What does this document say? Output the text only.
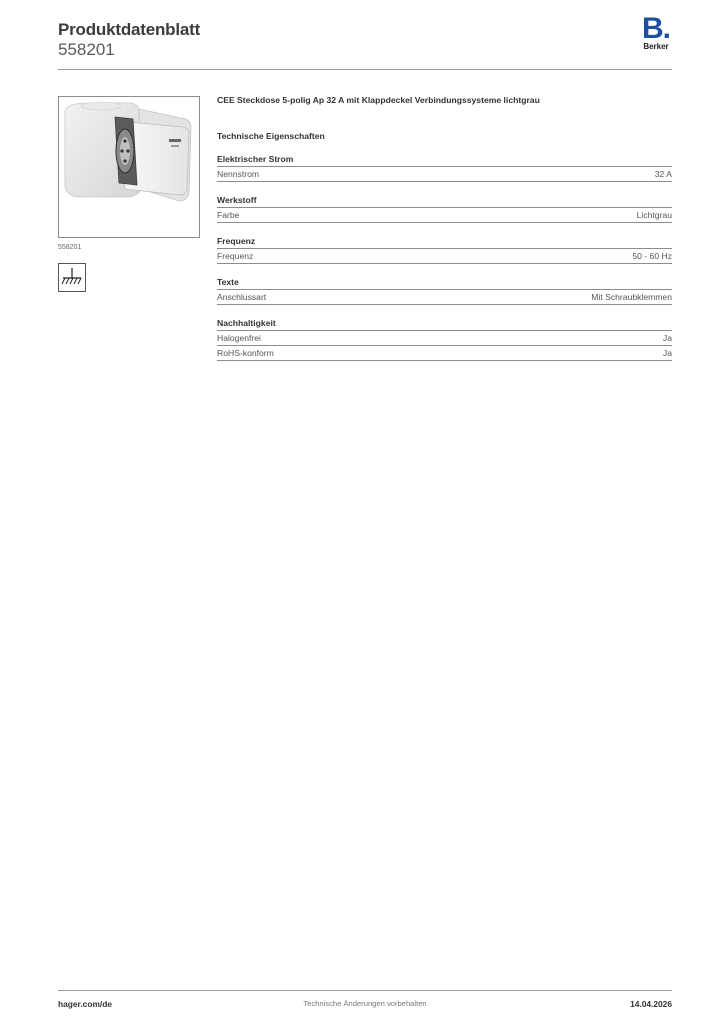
Produktdatenblatt
558201
B.
Berker
558201
CEE Steckdose 5-polig Ap 32 A mit Klappdeckel Verbindungssysteme lichtgrau
Technische Eigenschaften
Elektrischer Strom
Nennstrom	32 A
Werkstoff
Farbe	Lichtgrau
Frequenz
Frequenz	50 - 60 Hz
Texte
Anschlussart	Mit Schraubklemmen
Nachhaltigkeit
Halogenfrei	Ja
RoHS-konform	Ja
hager.com/de	Technische Änderungen vorbehalten	14.04.2026
